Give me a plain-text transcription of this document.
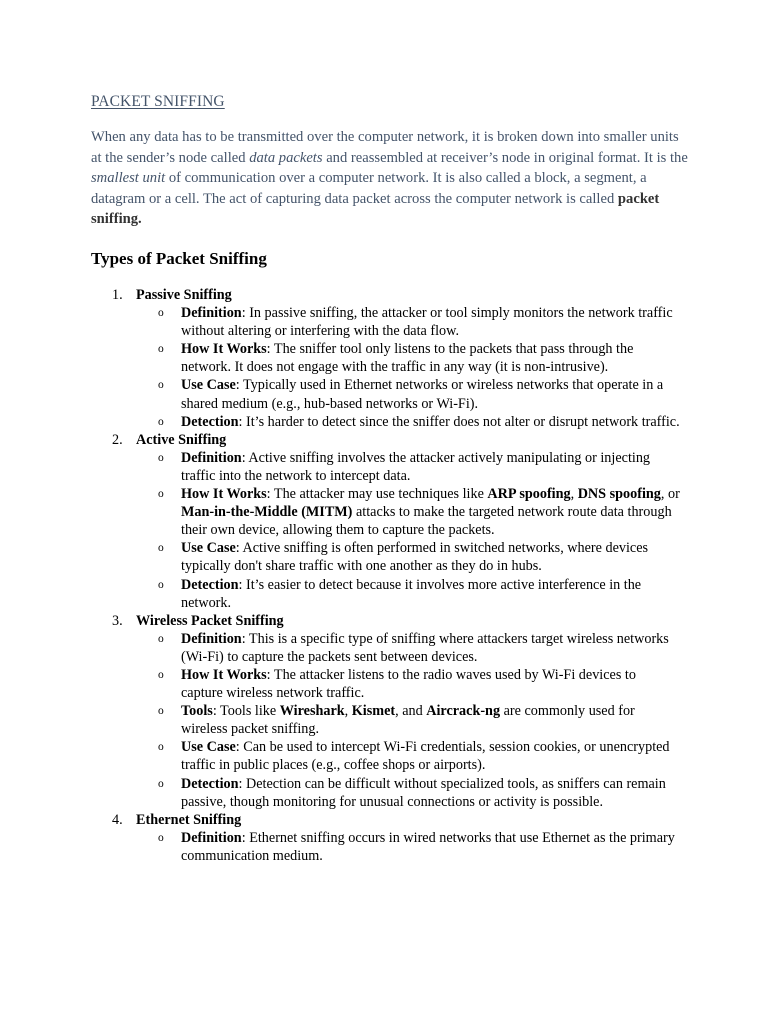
PACKET SNIFFING

When any data has to be transmitted over the computer network, it is broken down into smaller units at the sender’s node called data packets and reassembled at receiver’s node in original format. It is the smallest unit of communication over a computer network. It is also called a block, a segment, a datagram or a cell. The act of capturing data packet across the computer network is called packet sniffing.

Types of Packet Sniffing
1. Passive Sniffing
o Definition: In passive sniffing, the attacker or tool simply monitors the network traffic without altering or interfering with the data flow.
o How It Works: The sniffer tool only listens to the packets that pass through the network. It does not engage with the traffic in any way (it is non-intrusive).
o Use Case: Typically used in Ethernet networks or wireless networks that operate in a shared medium (e.g., hub-based networks or Wi-Fi).
o Detection: It’s harder to detect since the sniffer does not alter or disrupt network traffic.
2. Active Sniffing
o Definition: Active sniffing involves the attacker actively manipulating or injecting traffic into the network to intercept data.
o How It Works: The attacker may use techniques like ARP spoofing, DNS spoofing, or Man-in-the-Middle (MITM) attacks to make the targeted network route data through their own device, allowing them to capture the packets.
o Use Case: Active sniffing is often performed in switched networks, where devices typically don't share traffic with one another as they do in hubs.
o Detection: It’s easier to detect because it involves more active interference in the network.
3. Wireless Packet Sniffing
o Definition: This is a specific type of sniffing where attackers target wireless networks (Wi-Fi) to capture the packets sent between devices.
o How It Works: The attacker listens to the radio waves used by Wi-Fi devices to capture wireless network traffic.
o Tools: Tools like Wireshark, Kismet, and Aircrack-ng are commonly used for wireless packet sniffing.
o Use Case: Can be used to intercept Wi-Fi credentials, session cookies, or unencrypted traffic in public places (e.g., coffee shops or airports).
o Detection: Detection can be difficult without specialized tools, as sniffers can remain passive, though monitoring for unusual connections or activity is possible.
4. Ethernet Sniffing
o Definition: Ethernet sniffing occurs in wired networks that use Ethernet as the primary communication medium.
